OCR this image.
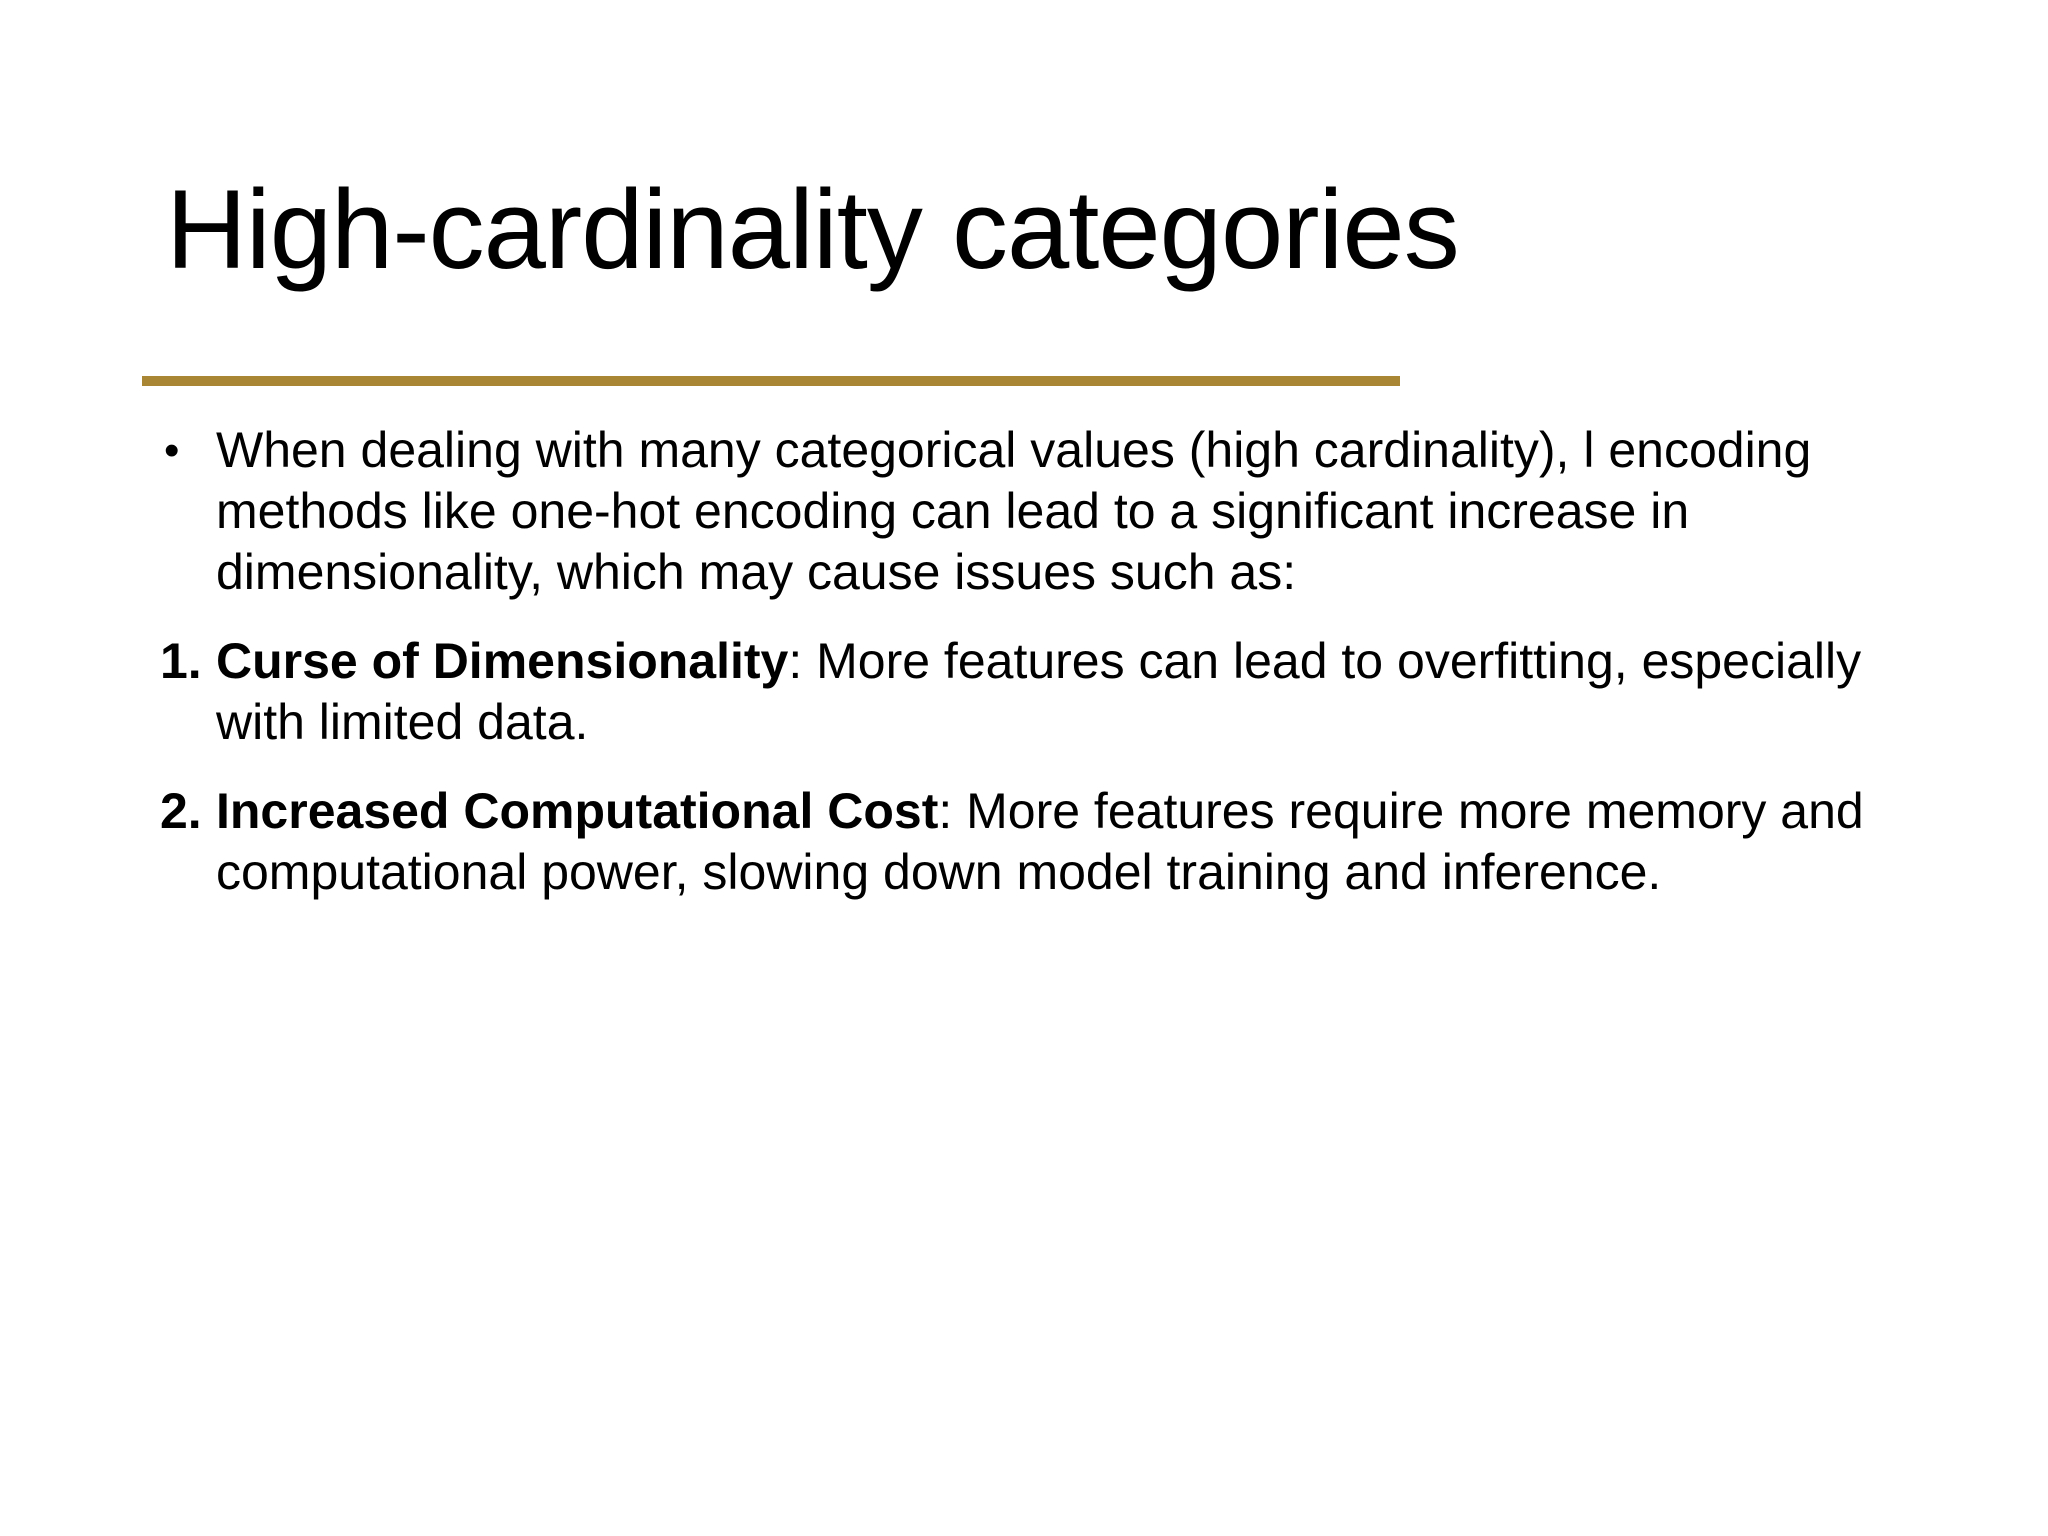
High-cardinality categories
• When dealing with many categorical values (high cardinality), l encoding methods like one-hot encoding can lead to a significant increase in dimensionality, which may cause issues such as:
1. Curse of Dimensionality: More features can lead to overfitting, especially with limited data.
2. Increased Computational Cost: More features require more memory and computational power, slowing down model training and inference.
